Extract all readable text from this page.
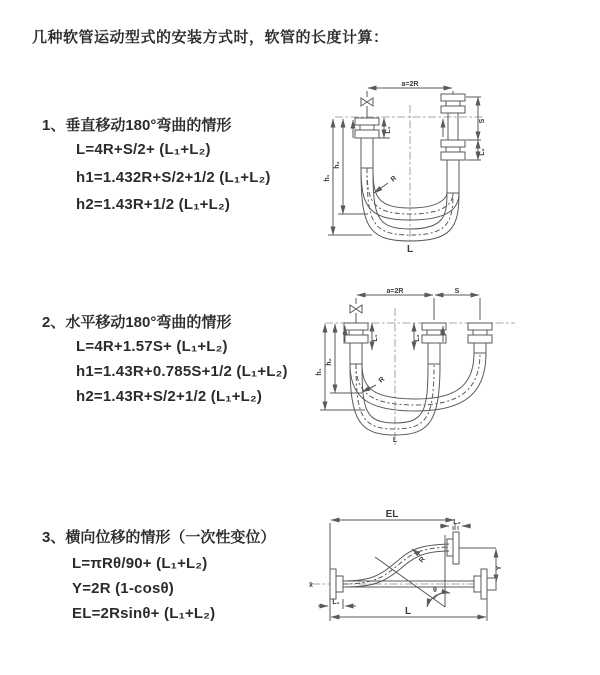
几种软管运动型式的安装方式时，软管的长度计算：
1、垂直移动180°弯曲的情形
L=4R+S/2+ (L₁+L₂)
h1=1.432R+S/2+1/2 (L₁+L₂)
h2=1.43R+1/2 (L₁+L₂)
2、水平移动180°弯曲的情形
L=4R+1.57S+ (L₁+L₂)
h1=1.43R+0.785S+1/2 (L₁+L₂)
h2=1.43R+S/2+1/2 (L₁+L₂)
3、横向位移的情形（一次性变位）
L=πRθ/90+ (L₁+L₂)
Y=2R (1-cosθ)
EL=2Rsinθ+ (L₁+L₂)
a=2R
L₁
S
L₂
h₁
h₂
R
L
a=2R	S
L₁	L₂
h₁
h₂
R
L
EL
L₂
Y
R
θ
x̄
L₁
L
